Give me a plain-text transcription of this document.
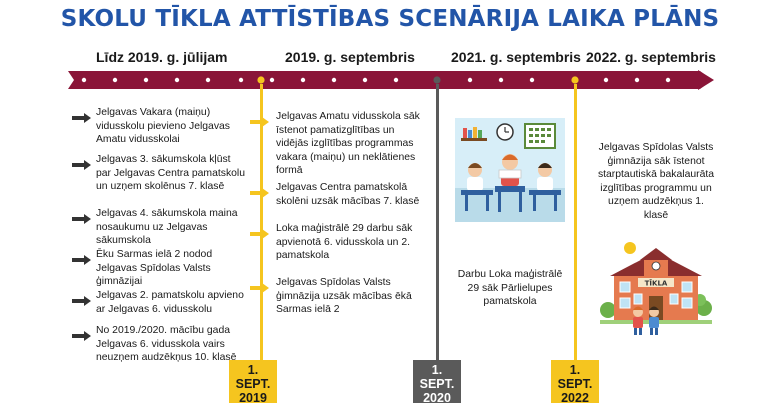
SKOLU TĪKLA ATTĪSTĪBAS SCENĀRIJA LAIKA PLĀNS
Līdz 2019. g. jūlijam	2019. g. septembris	2021. g. septembris 2022. g. septembris
1. SEPT.
2019
1. SEPT.
2020
1. SEPT.
2022
Jelgavas Vakara (maiņu) vidusskolu pievieno Jelgavas Amatu vidusskolai
Jelgavas 3. sākumskola kļūst par Jelgavas Centra pamatskolu un uzņem skolēnus 7. klasē
Jelgavas 4. sākumskola maina nosaukumu uz Jelgavas sākumskola
Ēku Sarmas ielā 2 nodod Jelgavas Spīdolas Valsts ģimnāzijai
Jelgavas 2. pamatskolu apvieno ar Jelgavas 6. vidusskolu
No 2019./2020. mācību gada Jelgavas 6. vidusskola vairs neuzņem audzēkņus 10. klasē
Jelgavas Amatu vidusskola sāk īstenot pamatizglītības un vidējās izglītības programmas vakara (maiņu) un neklātienes formā
Jelgavas Centra pamatskolā skolēni uzsāk mācības 7. klasē
Loka maģistrālē 29 darbu sāk apvienotā 6. vidusskola un 2. pamatskola
Jelgavas Spīdolas Valsts ģimnāzija uzsāk mācības ēkā Sarmas ielā 2
Darbu Loka maģistrālē 29 sāk Pārlielupes pamatskola
Jelgavas Spīdolas Valsts ģimnāzija sāk īstenot starptautiskā bakalaurāta izglītības programmu un uzņem audzēkņus 1. klasē
TĪKLA
